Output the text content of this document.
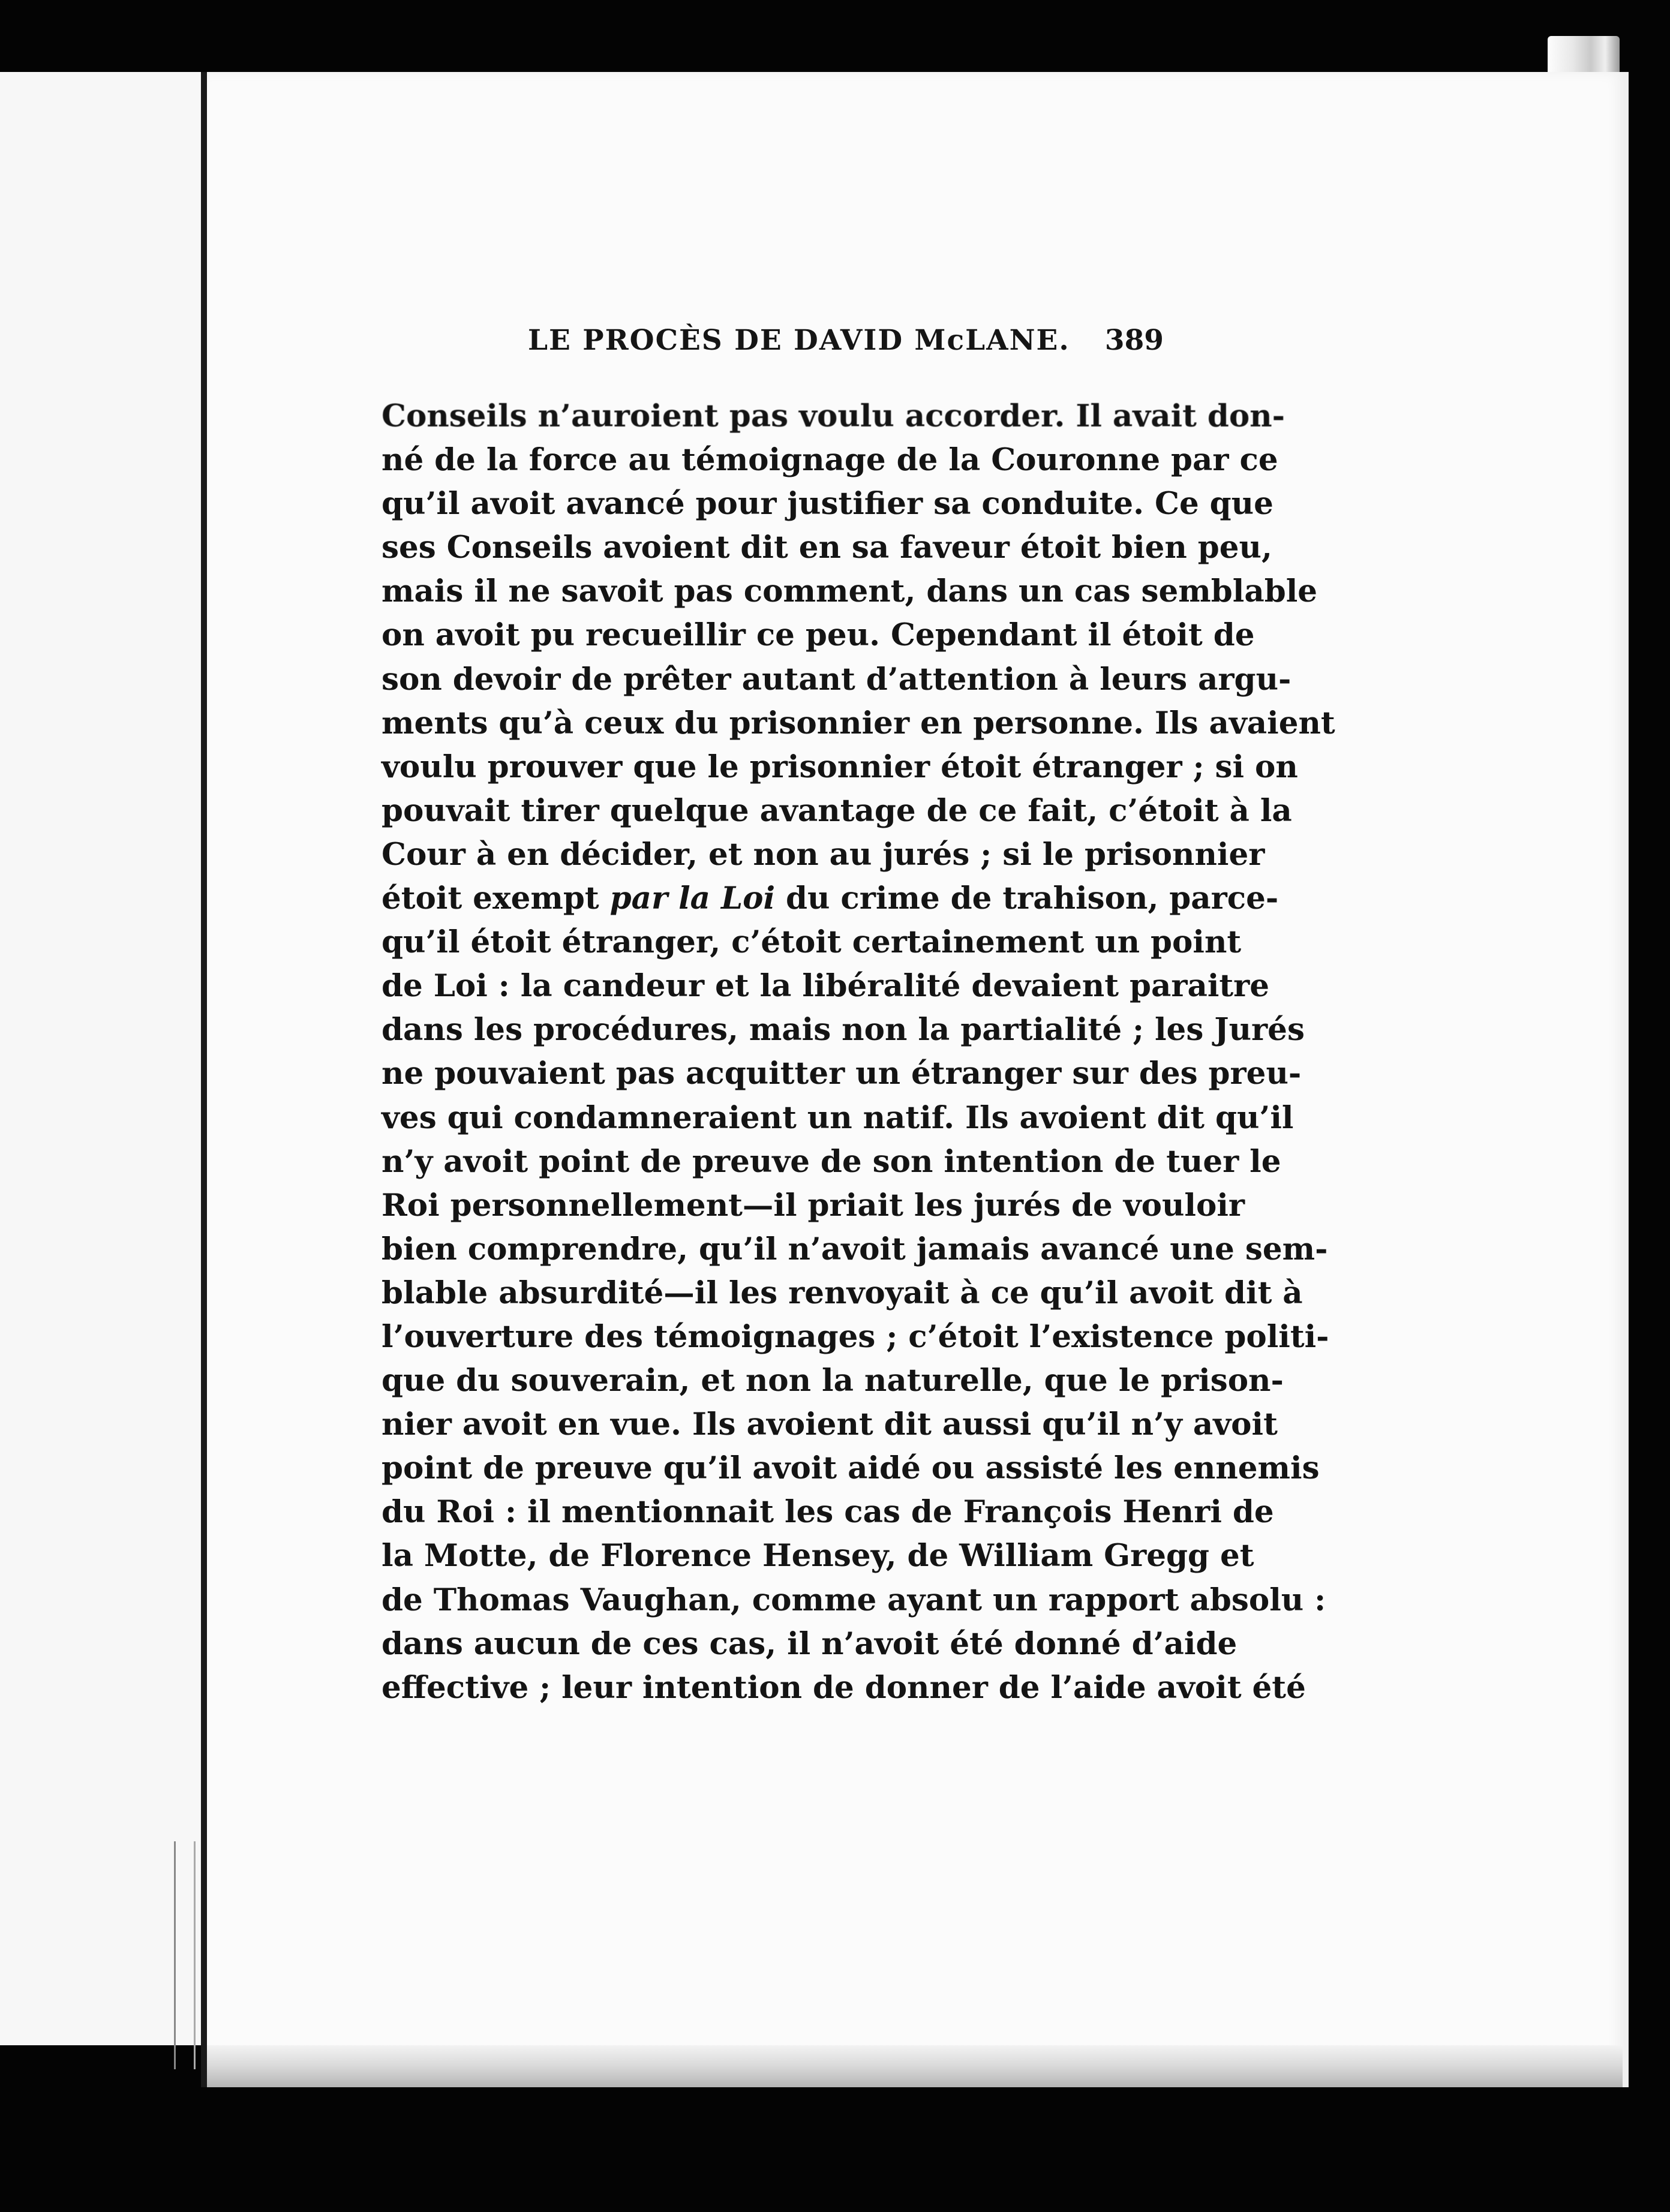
LE PROCÈS DE DAVID McLANE. 389
Conseils n’auroient pas voulu accorder. Il avait don-
né de la force au témoignage de la Couronne par ce
qu’il avoit avancé pour justifier sa conduite. Ce que
ses Conseils avoient dit en sa faveur étoit bien peu,
mais il ne savoit pas comment, dans un cas semblable
on avoit pu recueillir ce peu. Cependant il étoit de
son devoir de prêter autant d’attention à leurs argu-
ments qu’à ceux du prisonnier en personne. Ils avaient
voulu prouver que le prisonnier étoit étranger ; si on
pouvait tirer quelque avantage de ce fait, c’étoit à la
Cour à en décider, et non au jurés ; si le prisonnier
étoit exempt par la Loi du crime de trahison, parce-
qu’il étoit étranger, c’étoit certainement un point
de Loi : la candeur et la libéralité devaient paraitre
dans les procédures, mais non la partialité ; les Jurés
ne pouvaient pas acquitter un étranger sur des preu-
ves qui condamneraient un natif. Ils avoient dit qu’il
n’y avoit point de preuve de son intention de tuer le
Roi personnellement—il priait les jurés de vouloir
bien comprendre, qu’il n’avoit jamais avancé une sem-
blable absurdité—il les renvoyait à ce qu’il avoit dit à
l’ouverture des témoignages ; c’étoit l’existence politi-
que du souverain, et non la naturelle, que le prison-
nier avoit en vue. Ils avoient dit aussi qu’il n’y avoit
point de preuve qu’il avoit aidé ou assisté les ennemis
du Roi : il mentionnait les cas de François Henri de
la Motte, de Florence Hensey, de William Gregg et
de Thomas Vaughan, comme ayant un rapport absolu :
dans aucun de ces cas, il n’avoit été donné d’aide
effective ; leur intention de donner de l’aide avoit été
